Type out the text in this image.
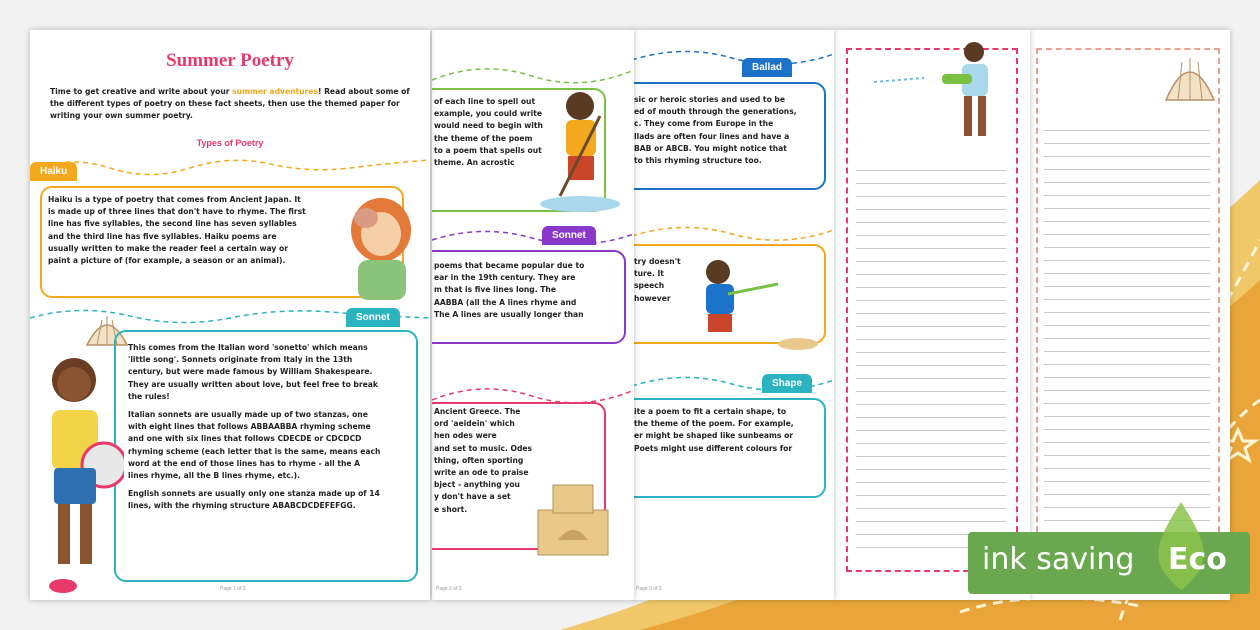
Summer Poetry
Time to get creative and write about your summer adventures! Read about some of the different types of poetry on these fact sheets, then use the themed paper for writing your own summer poetry.
Types of Poetry
Haiku
Haiku is a type of poetry that comes from Ancient Japan. It
is made up of three lines that don't have to rhyme. The first
line has five syllables, the second line has seven syllables
and the third line has five syllables. Haiku poems are
usually written to make the reader feel a certain way or
paint a picture of (for example, a season or an animal).
Sonnet
This comes from the Italian word 'sonetto' which means
'little song'. Sonnets originate from Italy in the 13th
century, but were made famous by William Shakespeare.
They are usually written about love, but feel free to break
the rules!
Italian sonnets are usually made up of two stanzas, one
with eight lines that follows ABBAABBA rhyming scheme
and one with six lines that follows CDECDE or CDCDCD
rhyming scheme (each letter that is the same, means each
word at the end of those lines has to rhyme - all the A
lines rhyme, all the B lines rhyme, etc.).
English sonnets are usually only one stanza made up of 14
lines, with the rhyming structure ABABCDCDEFEFGG.
Page 1 of 3
of each line to spell out
example, you could write
would need to begin with
the theme of the poem
to a poem that spells out
theme. An acrostic
Sonnet
poems that became popular due to
ear in the 19th century. They are
m that is five lines long. The
AABBA (all the A lines rhyme and
The A lines are usually longer than
Ancient Greece. The
ord 'aeidein' which
hen odes were
and set to music. Odes
thing, often sporting
write an ode to praise
bject - anything you
y don't have a set
e short.
Page 2 of 3
Ballad
sic or heroic stories and used to be
ed of mouth through the generations,
c. They come from Europe in the
llads are often four lines and have a
BAB or ABCB. You might notice that
to this rhyming structure too.
try doesn't
ture. It
speech
however
Shape
ite a poem to fit a certain shape, to
the theme of the poem. For example,
er might be shaped like sunbeams or
Poets might use different colours for
Page 3 of 3
ink saving Eco
